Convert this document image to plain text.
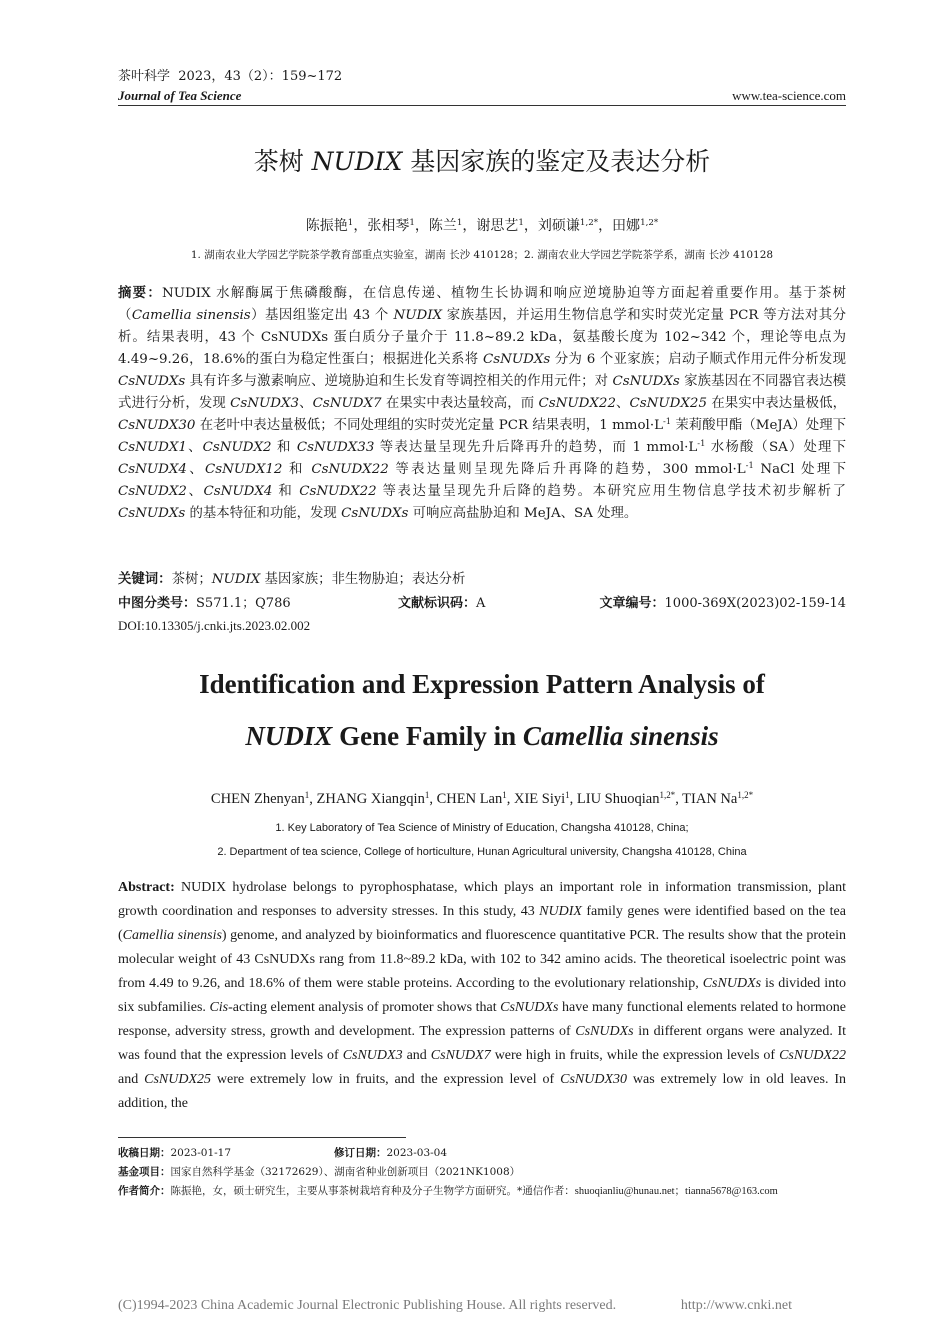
茶叶科学 2023，43（2）：159~172
Journal of Tea Science	www.tea-science.com
茶树 NUDIX 基因家族的鉴定及表达分析
陈振艳$^1$，张相琴$^1$，陈兰$^1$，谢思艺$^1$，刘硕谦$^{1,2*}$，田娜$^{1,2*}$
1. 湖南农业大学园艺学院茶学教育部重点实验室，湖南 长沙 410128；2. 湖南农业大学园艺学院茶学系，湖南 长沙 410128
摘要：NUDIX 水解酶属于焦磷酸酶，在信息传递、植物生长协调和响应逆境胁迫等方面起着重要作用。基于茶树（Camellia sinensis）基因组鉴定出 43 个 NUDIX 家族基因，并运用生物信息学和实时荧光定量 PCR 等方法对其分析。结果表明，43 个 CsNUDXs 蛋白质分子量介于 11.8~89.2 kDa，氨基酸长度为 102~342 个，理论等电点为 4.49~9.26，18.6%的蛋白为稳定性蛋白；根据进化关系将 CsNUDXs 分为 6 个亚家族；启动子顺式作用元件分析发现 CsNUDXs 具有许多与激素响应、逆境胁迫和生长发育等调控相关的作用元件；对 CsNUDXs 家族基因在不同器官表达模式进行分析，发现 CsNUDX3、CsNUDX7 在果实中表达量较高，而 CsNUDX22、CsNUDX25 在果实中表达量极低，CsNUDX30 在老叶中表达量极低；不同处理组的实时荧光定量 PCR 结果表明，1 $mmol\cdot L^{-1}$ 茉莉酸甲酯（MeJA）处理下 CsNUDX1、CsNUDX2 和 CsNUDX33 等表达量呈现先升后降再升的趋势，而 1 $mmol\cdot L^{-1}$ 水杨酸（SA）处理下 CsNUDX4、CsNUDX12 和 CsNUDX22 等表达量则呈现先降后升再降的趋势，300 $mmol\cdot L^{-1}$ NaCl 处理下 CsNUDX2、CsNUDX4 和 CsNUDX22 等表达量呈现先升后降的趋势。本研究应用生物信息学技术初步解析了 CsNUDXs 的基本特征和功能，发现 CsNUDXs 可响应高盐胁迫和 MeJA、SA 处理。
关键词：茶树；NUDIX 基因家族；非生物胁迫；表达分析
中图分类号：S571.1；Q786	文献标识码：A	文章编号：1000-369X(2023)02-159-14
DOI:10.13305/j.cnki.jts.2023.02.002
Identification and Expression Pattern Analysis of
NUDIX Gene Family in Camellia sinensis
CHEN Zhenyan$^1$, ZHANG Xiangqin$^1$, CHEN Lan$^1$, XIE Siyi$^1$, LIU Shuoqian$^{1,2*}$, TIAN $Na^{1,2*}$
1. Key Laboratory of Tea Science of Ministry of Education, Changsha 410128, China;
2. Department of tea science, College of horticulture, Hunan Agricultural university, Changsha 410128, China
Abstract: NUDIX hydrolase belongs to pyrophosphatase, which plays an important role in information transmission, plant growth coordination and responses to adversity stresses. In this study, 43 NUDIX family genes were identified based on the tea (Camellia sinensis) genome, and analyzed by bioinformatics and fluorescence quantitative PCR. The results show that the protein molecular weight of 43 CsNUDXs rang from 11.8~89.2 kDa, with 102 to 342 amino acids. The theoretical isoelectric point was from 4.49 to 9.26, and 18.6% of them were stable proteins. According to the evolutionary relationship, CsNUDXs is divided into six subfamilies. Cis-acting element analysis of promoter shows that CsNUDXs have many functional elements related to hormone response, adversity stress, growth and development. The expression patterns of CsNUDXs in different organs were analyzed. It was found that the expression levels of CsNUDX3 and CsNUDX7 were high in fruits, while the expression levels of CsNUDX22 and CsNUDX25 were extremely low in fruits, and the expression level of CsNUDX30 was extremely low in old leaves. In addition, the
收稿日期：2023-01-17	修订日期：2023-03-04
基金项目：国家自然科学基金（32172629）、湖南省种业创新项目（2021NK1008）
作者简介：陈振艳，女，硕士研究生，主要从事茶树栽培育种及分子生物学方面研究。*通信作者：shuoqianliu@hunau.net；tianna5678@163.com
(C)1994-2023 China Academic Journal Electronic Publishing House. All rights reserved.	http://www.cnki.net
